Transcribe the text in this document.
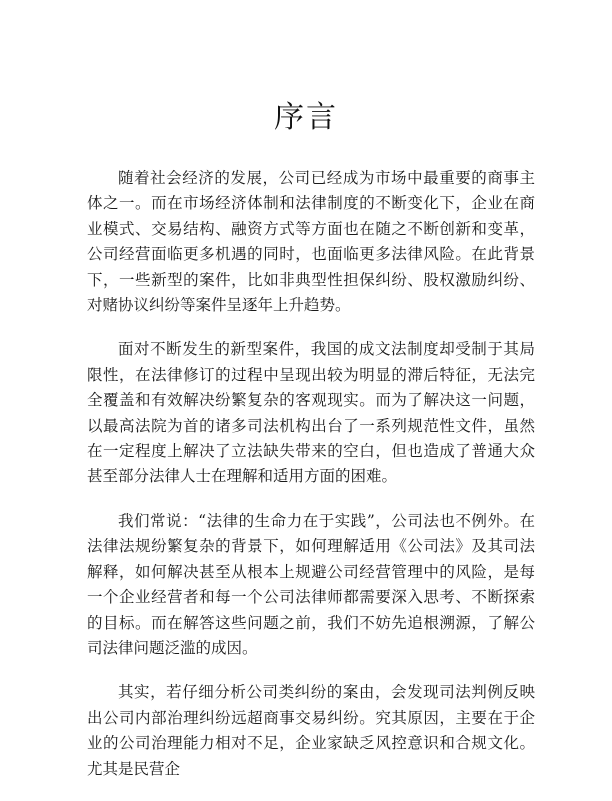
序言

随着社会经济的发展，公司已经成为市场中最重要的商事主体之一。而在市场经济体制和法律制度的不断变化下，企业在商业模式、交易结构、融资方式等方面也在随之不断创新和变革，公司经营面临更多机遇的同时，也面临更多法律风险。在此背景下，一些新型的案件，比如非典型性担保纠纷、股权激励纠纷、对赌协议纠纷等案件呈逐年上升趋势。

面对不断发生的新型案件，我国的成文法制度却受制于其局限性，在法律修订的过程中呈现出较为明显的滞后特征，无法完全覆盖和有效解决纷繁复杂的客观现实。而为了解决这一问题，以最高法院为首的诸多司法机构出台了一系列规范性文件，虽然在一定程度上解决了立法缺失带来的空白，但也造成了普通大众甚至部分法律人士在理解和适用方面的困难。

我们常说：“法律的生命力在于实践”，公司法也不例外。在法律法规纷繁复杂的背景下，如何理解适用《公司法》及其司法解释，如何解决甚至从根本上规避公司经营管理中的风险，是每一个企业经营者和每一个公司法律师都需要深入思考、不断探索的目标。而在解答这些问题之前，我们不妨先追根溯源，了解公司法律问题泛滥的成因。

其实，若仔细分析公司类纠纷的案由，会发现司法判例反映出公司内部治理纠纷远超商事交易纠纷。究其原因，主要在于企业的公司治理能力相对不足，企业家缺乏风控意识和合规文化。尤其是民营企
